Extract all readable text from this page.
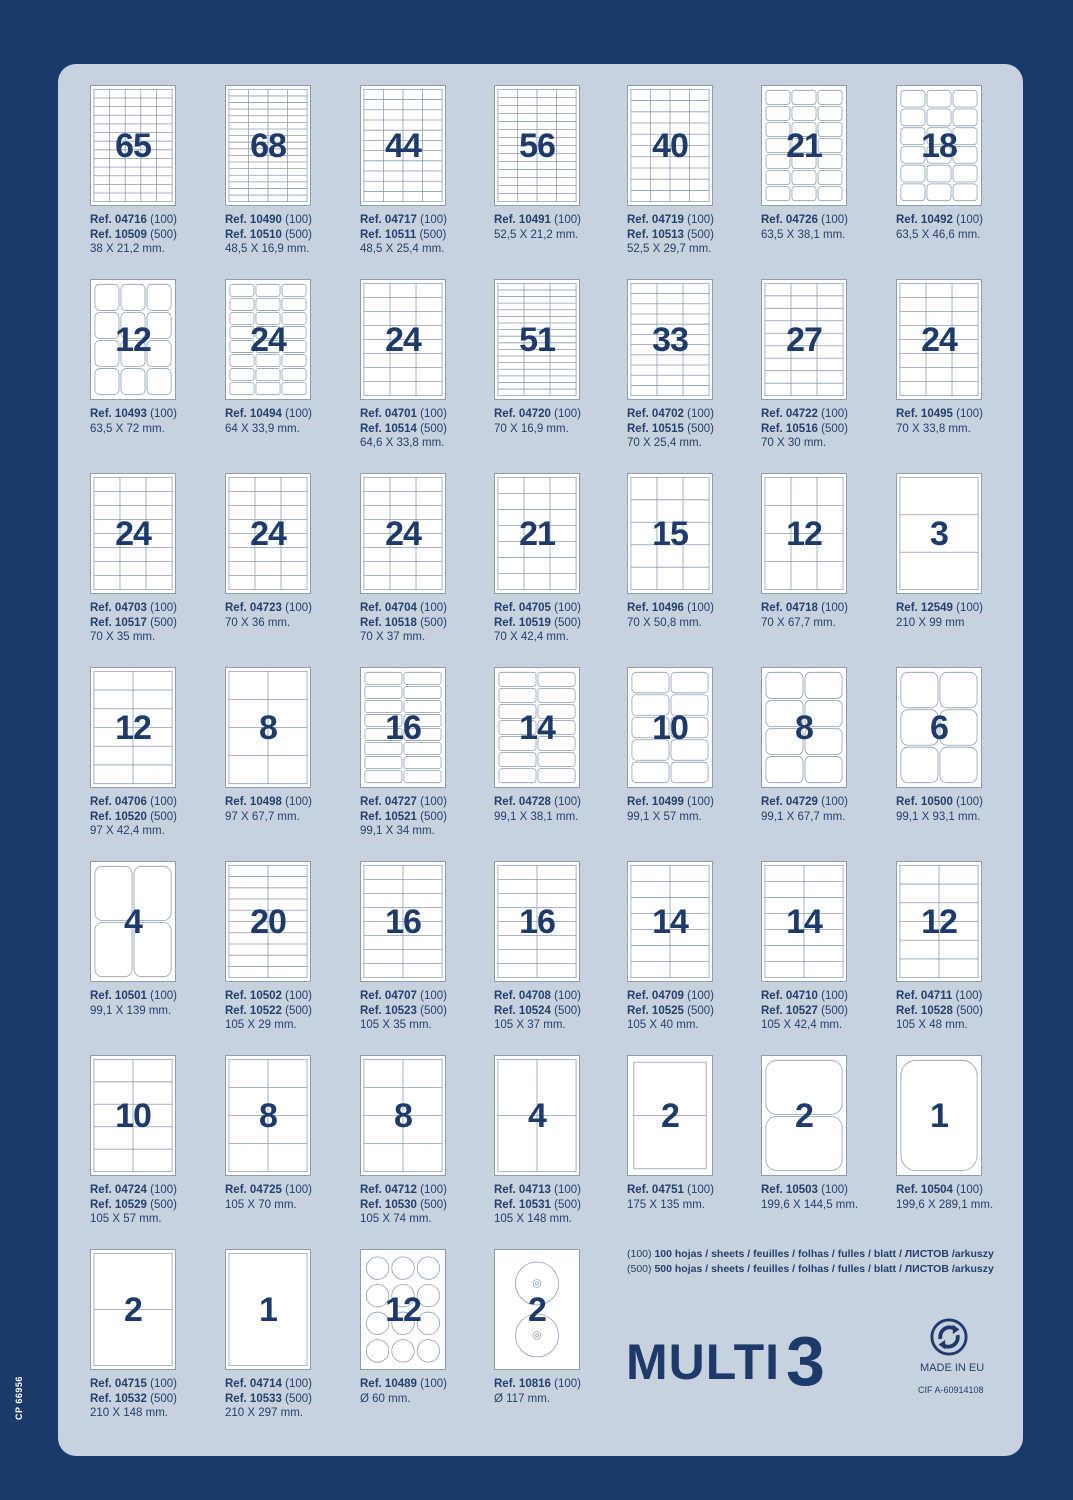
CP 66956
65
Ref. 04716 (100)
Ref. 10509 (500)
38 X 21,2 mm.
68
Ref. 10490 (100)
Ref. 10510 (500)
48,5 X 16,9 mm.
44
Ref. 04717 (100)
Ref. 10511 (500)
48,5 X 25,4 mm.
56
Ref. 10491 (100)
52,5 X 21,2 mm.
40
Ref. 04719 (100)
Ref. 10513 (500)
52,5 X 29,7 mm.
21
Ref. 04726 (100)
63,5 X 38,1 mm.
18
Ref. 10492 (100)
63,5 X 46,6 mm.
12
Ref. 10493 (100)
63,5 X 72 mm.
24
Ref. 10494 (100)
64 X 33,9 mm.
24
Ref. 04701 (100)
Ref. 10514 (500)
64,6 X 33,8 mm.
51
Ref. 04720 (100)
70 X 16,9 mm.
33
Ref. 04702 (100)
Ref. 10515 (500)
70 X 25,4 mm.
27
Ref. 04722 (100)
Ref. 10516 (500)
70 X 30 mm.
24
Ref. 10495 (100)
70 X 33,8 mm.
24
Ref. 04703 (100)
Ref. 10517 (500)
70 X 35 mm.
24
Ref. 04723 (100)
70 X 36 mm.
24
Ref. 04704 (100)
Ref. 10518 (500)
70 X 37 mm.
21
Ref. 04705 (100)
Ref. 10519 (500)
70 X 42,4 mm.
15
Ref. 10496 (100)
70 X 50,8 mm.
12
Ref. 04718 (100)
70 X 67,7 mm.
3
Ref. 12549 (100)
210 X 99 mm
12
Ref. 04706 (100)
Ref. 10520 (500)
97 X 42,4 mm.
8
Ref. 10498 (100)
97 X 67,7 mm.
16
Ref. 04727 (100)
Ref. 10521 (500)
99,1 X 34 mm.
14
Ref. 04728 (100)
99,1 X 38,1 mm.
10
Ref. 10499 (100)
99,1 X 57 mm.
8
Ref. 04729 (100)
99,1 X 67,7 mm.
6
Ref. 10500 (100)
99,1 X 93,1 mm.
4
Ref. 10501 (100)
99,1 X 139 mm.
20
Ref. 10502 (100)
Ref. 10522 (500)
105 X 29 mm.
16
Ref. 04707 (100)
Ref. 10523 (500)
105 X 35 mm.
16
Ref. 04708 (100)
Ref. 10524 (500)
105 X 37 mm.
14
Ref. 04709 (100)
Ref. 10525 (500)
105 X 40 mm.
14
Ref. 04710 (100)
Ref. 10527 (500)
105 X 42,4 mm.
12
Ref. 04711 (100)
Ref. 10528 (500)
105 X 48 mm.
10
Ref. 04724 (100)
Ref. 10529 (500)
105 X 57 mm.
8
Ref. 04725 (100)
105 X 70 mm.
8
Ref. 04712 (100)
Ref. 10530 (500)
105 X 74 mm.
4
Ref. 04713 (100)
Ref. 10531 (500)
105 X 148 mm.
2
Ref. 04751 (100)
175 X 135 mm.
2
Ref. 10503 (100)
199,6 X 144,5 mm.
1
Ref. 10504 (100)
199,6 X 289,1 mm.
2
Ref. 04715 (100)
Ref. 10532 (500)
210 X 148 mm.
1
Ref. 04714 (100)
Ref. 10533 (500)
210 X 297 mm.
12
Ref. 10489 (100)
Ø 60 mm.
2
Ref. 10816 (100)
Ø 117 mm.
(100) 100 hojas / sheets / feuilles / folhas / fulles / blatt / ЛИСТОВ /arkuszy
(500) 500 hojas / sheets / feuilles / folhas / fulles / blatt / ЛИСТОВ /arkuszy
MULTI3	MADE IN EU
CIF A-60914108
